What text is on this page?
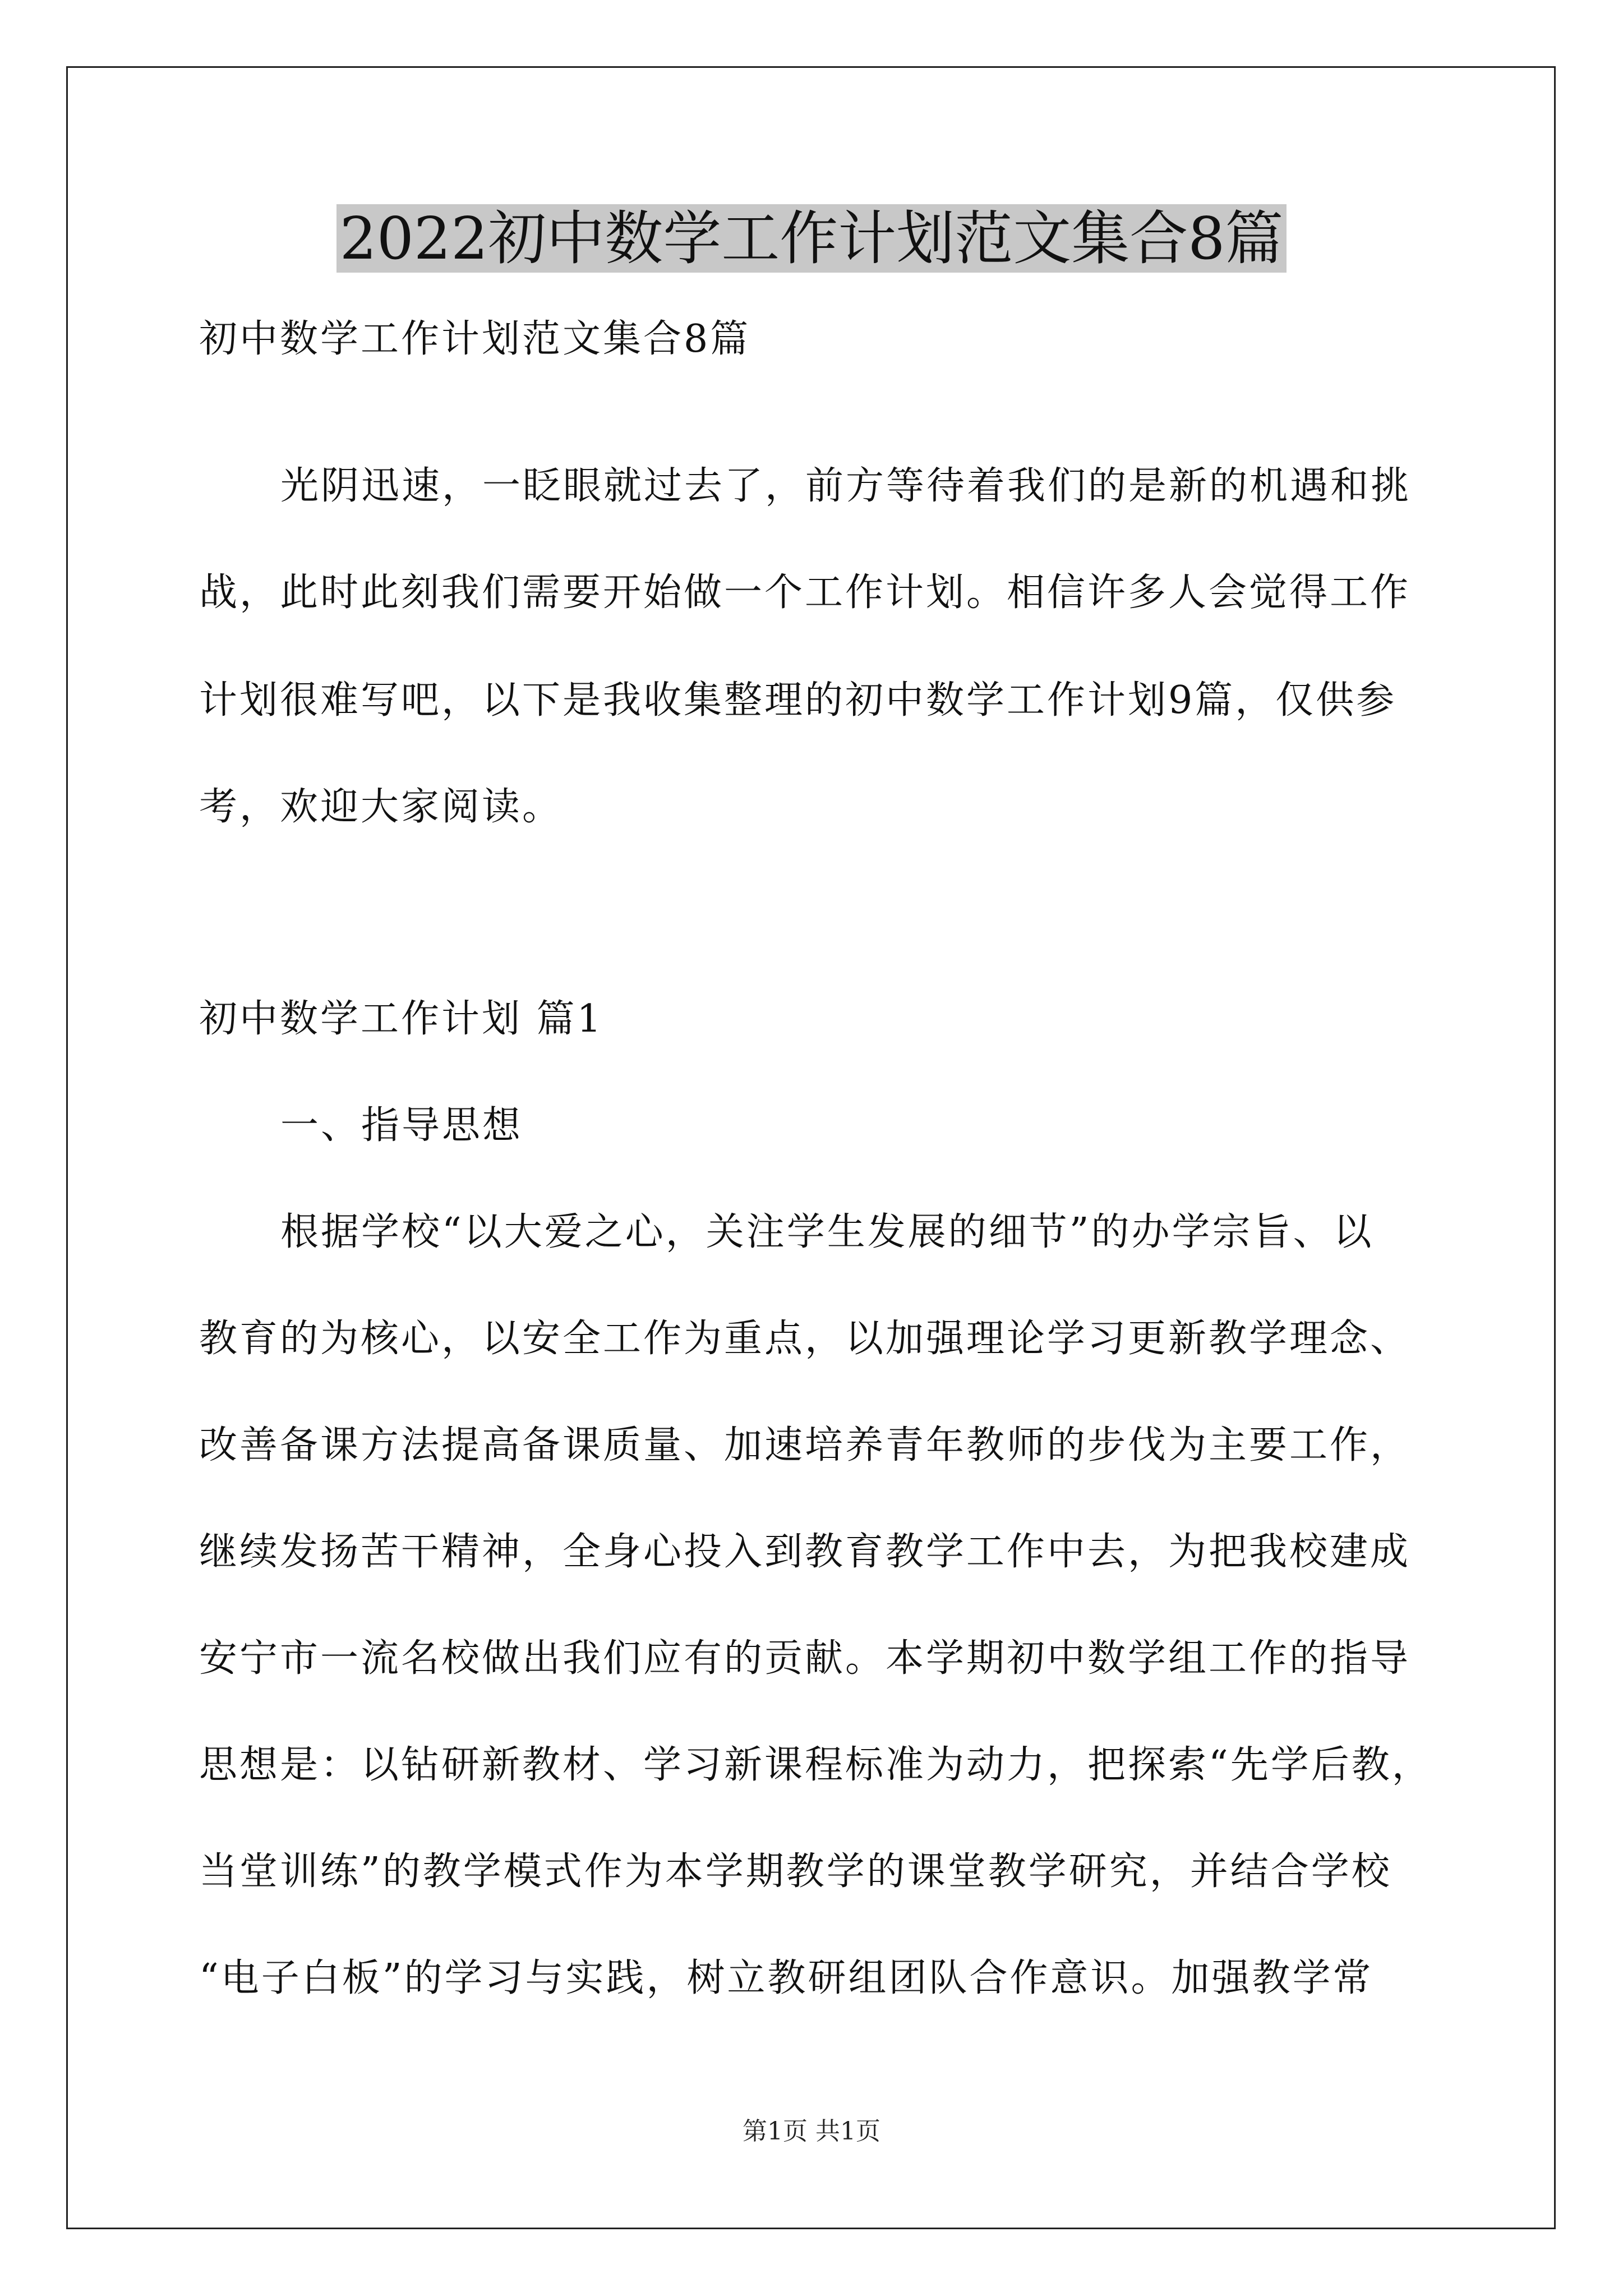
2022初中数学工作计划范文集合8篇
初中数学工作计划范文集合8篇
光阴迅速，一眨眼就过去了，前方等待着我们的是新的机遇和挑
战，此时此刻我们需要开始做一个工作计划。相信许多人会觉得工作
计划很难写吧，以下是我收集整理的初中数学工作计划9篇，仅供参
考，欢迎大家阅读。
初中数学工作计划 篇1
一、指导思想
根据学校“以大爱之心，关注学生发展的细节”的办学宗旨、以
教育的为核心，以安全工作为重点，以加强理论学习更新教学理念、
改善备课方法提高备课质量、加速培养青年教师的步伐为主要工作，
继续发扬苦干精神，全身心投入到教育教学工作中去，为把我校建成
安宁市一流名校做出我们应有的贡献。本学期初中数学组工作的指导
思想是：以钻研新教材、学习新课程标准为动力，把探索“先学后教，
当堂训练”的教学模式作为本学期教学的课堂教学研究，并结合学校
“电子白板”的学习与实践，树立教研组团队合作意识。加强教学常
第1页 共1页
